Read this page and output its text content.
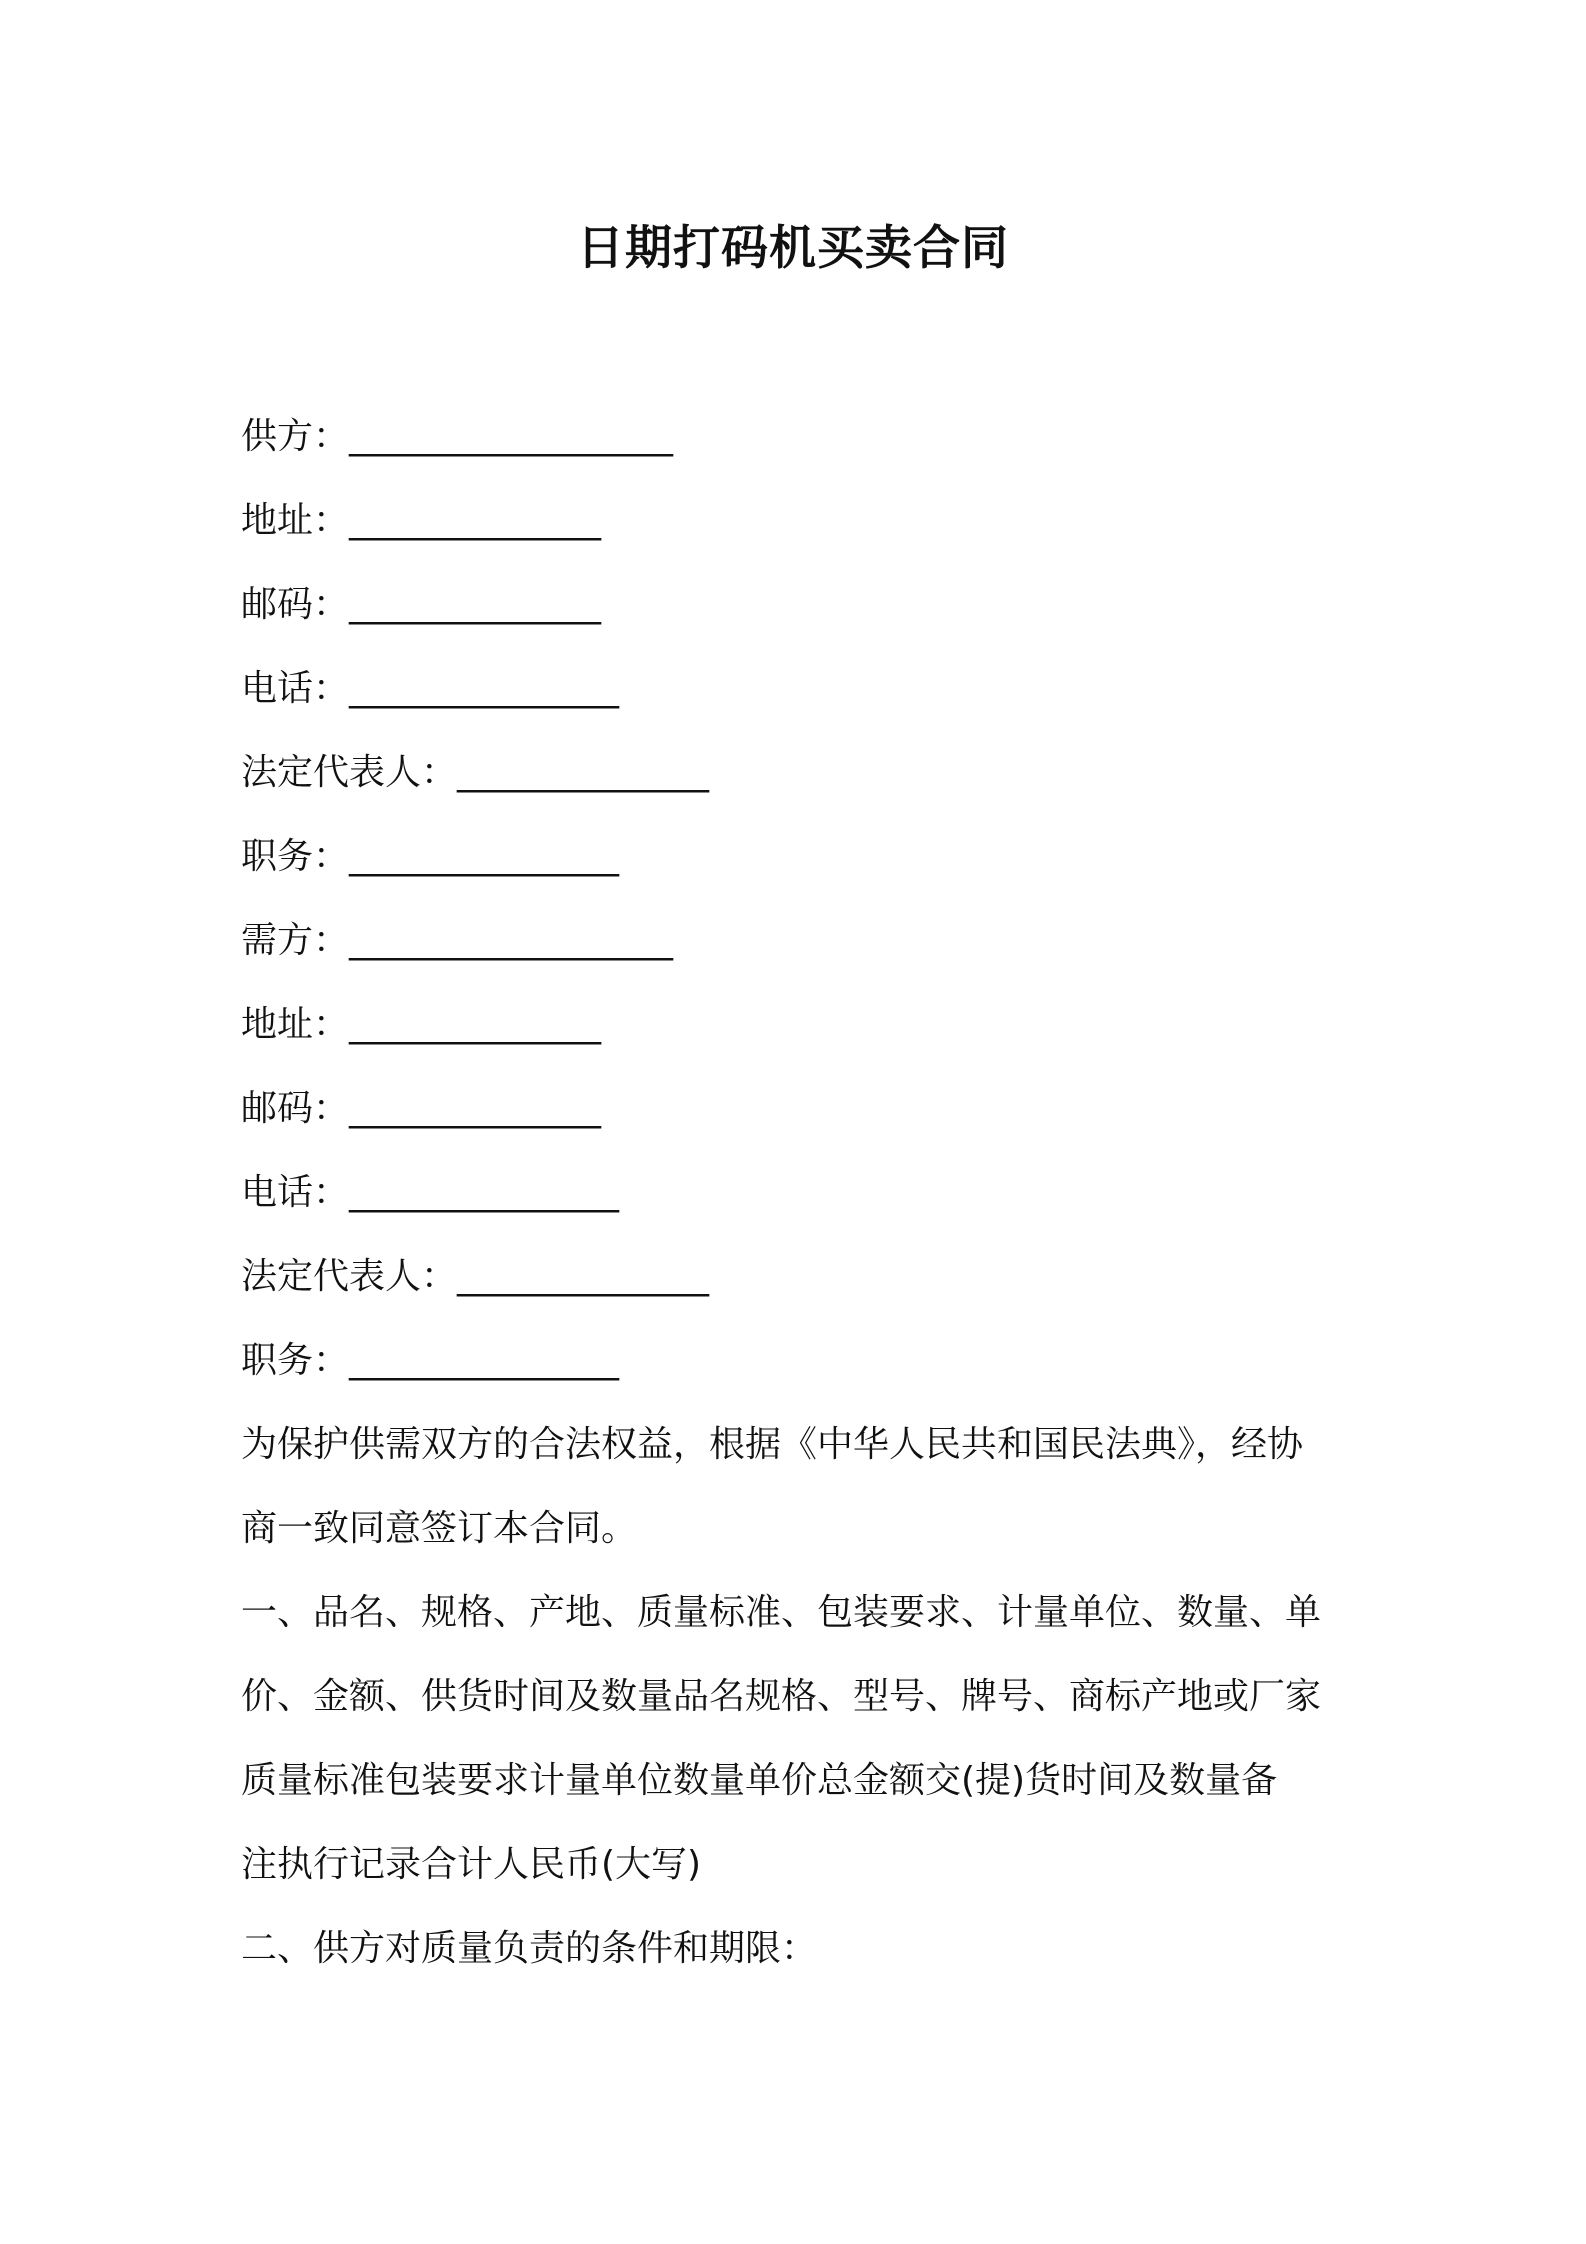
日期打码机买卖合同
供方：__________________
地址：______________
邮码：______________
电话：_______________
法定代表人：______________
职务：_______________
需方：__________________
地址：______________
邮码：______________
电话：_______________
法定代表人：______________
职务：_______________
为保护供需双方的合法权益，根据《中华人民共和国民法典》，经协
商一致同意签订本合同。
一、品名、规格、产地、质量标准、包装要求、计量单位、数量、单
价、金额、供货时间及数量品名规格、型号、牌号、商标产地或厂家
质量标准包装要求计量单位数量单价总金额交(提)货时间及数量备
注执行记录合计人民币(大写)
二、供方对质量负责的条件和期限：
